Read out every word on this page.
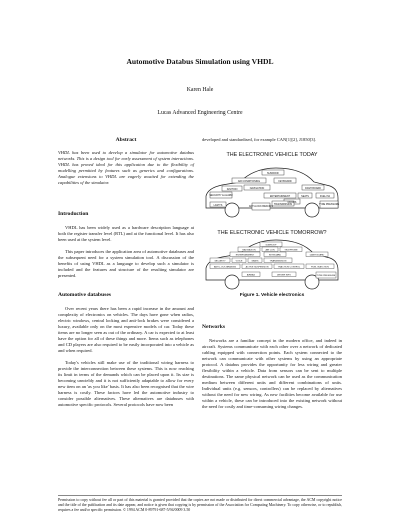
Automotive Databus Simulation using VHDL
Karen Hale
Lucas Advanced Engineering Centre
Abstract
VHDL has been used to develop a simulator for automotive databus networks. This is a design tool for early assessment of system interactions. VHDL has proved ideal for this application due to the flexibility of modelling permitted by features such as generics and configurations. Analogue extensions to VHDL are eagerly awaited for extending the capabilities of the simulator.
Introduction

VHDL has been widely used as a hardware description language at both the register transfer level (RTL) and at the functional level. It has also been used at the system level.

This paper introduces the application area of automotive databuses and the subsequent need for a system simulation tool. A discussion of the benefits of using VHDL as a language to develop such a simulator is included and the features and structure of the resulting simulator are presented.

Automotive databuses

Over recent years there has been a rapid increase in the amount and complexity of electronics on vehicles. The days have gone when radios, electric windows, central locking and anti-lock brakes were considered a luxury, available only on the most expensive models of car. Today these items are no longer seen as out of the ordinary. A car is expected to at least have the option for all of these things and more. Items such as telephones and CD players are also required to be easily incorporated into a vehicle as and when required.

Today's vehicles still make use of the traditional wiring harness to provide the interconnection between these systems. This is now reaching its limit in terms of the demands which can be placed upon it. Its size is becoming unwieldy and it is not sufficiently adaptable to allow for every new item on an 'as you like' basis. It has also been recognised that the wire harness is costly. These factors have led the automotive industry to consider possible alternatives. These alternatives are databuses with automotive specific protocols. Several protocols have now been

developed and standardised, for example CAN[1][2], J1850[3].

THE ELECTRONIC VEHICLE TODAY
SUNROOF
AIR CONDITIONING	KEYBOARD
NAVIGATION	DASH BOARD
IGNITION
SECURITY & ALARM	ENTERTAINMENT	SEATS	FUEL INJ
DOORS
LIGHTS	TYRE PRESSURE
ANTI-LOCK BRAKING
TRANSMISSION
THE ELECTRONIC VEHICLE TOMORROW?
SUNROOF
NAVIGATION	AIR CON	TELEPHONE
DASH BOARD
KEYBOARD
ENTERTAINMENT
SECURITY	VOICE	SEATS
ANTI-LOCK BRAKING	ACTIVE SUSPENSION	TRACTION CONTROL	FUEL INJECTION
TRANSMISSION
TYRE PRESSURE
AIRBAG	DRIVER INFO
Figure 1. Vehicle electronics
Networks

Networks are a familiar concept in the modern office, and indeed in aircraft. Systems communicate with each other over a network of dedicated cabling equipped with connection points. Each system connected to the network can communicate with other systems by using an appropriate protocol. A databus provides the opportunity for less wiring and greater flexibility within a vehicle. Data from sensors can be sent to multiple destinations. The same physical network can be used as the communication medium between different units and different combinations of units. Individual units (e.g. sensors, controllers) can be replaced by alternatives without the need for new wiring. As new facilities become available for use within a vehicle, these can be introduced into the existing network without the need for costly and time-consuming wiring changes.

Permission to copy without fee all or part of this material is granted provided that the copies are not made or distributed for direct commercial advantage, the ACM copyright notice and the title of the publication and its date appear, and notice is given that copying is by permission of the Association for Computing Machinery. To copy otherwise, or to republish, requires a fee and/or specific permission. © 1994 ACM 0-89791-687-5/94/0009 3.50
